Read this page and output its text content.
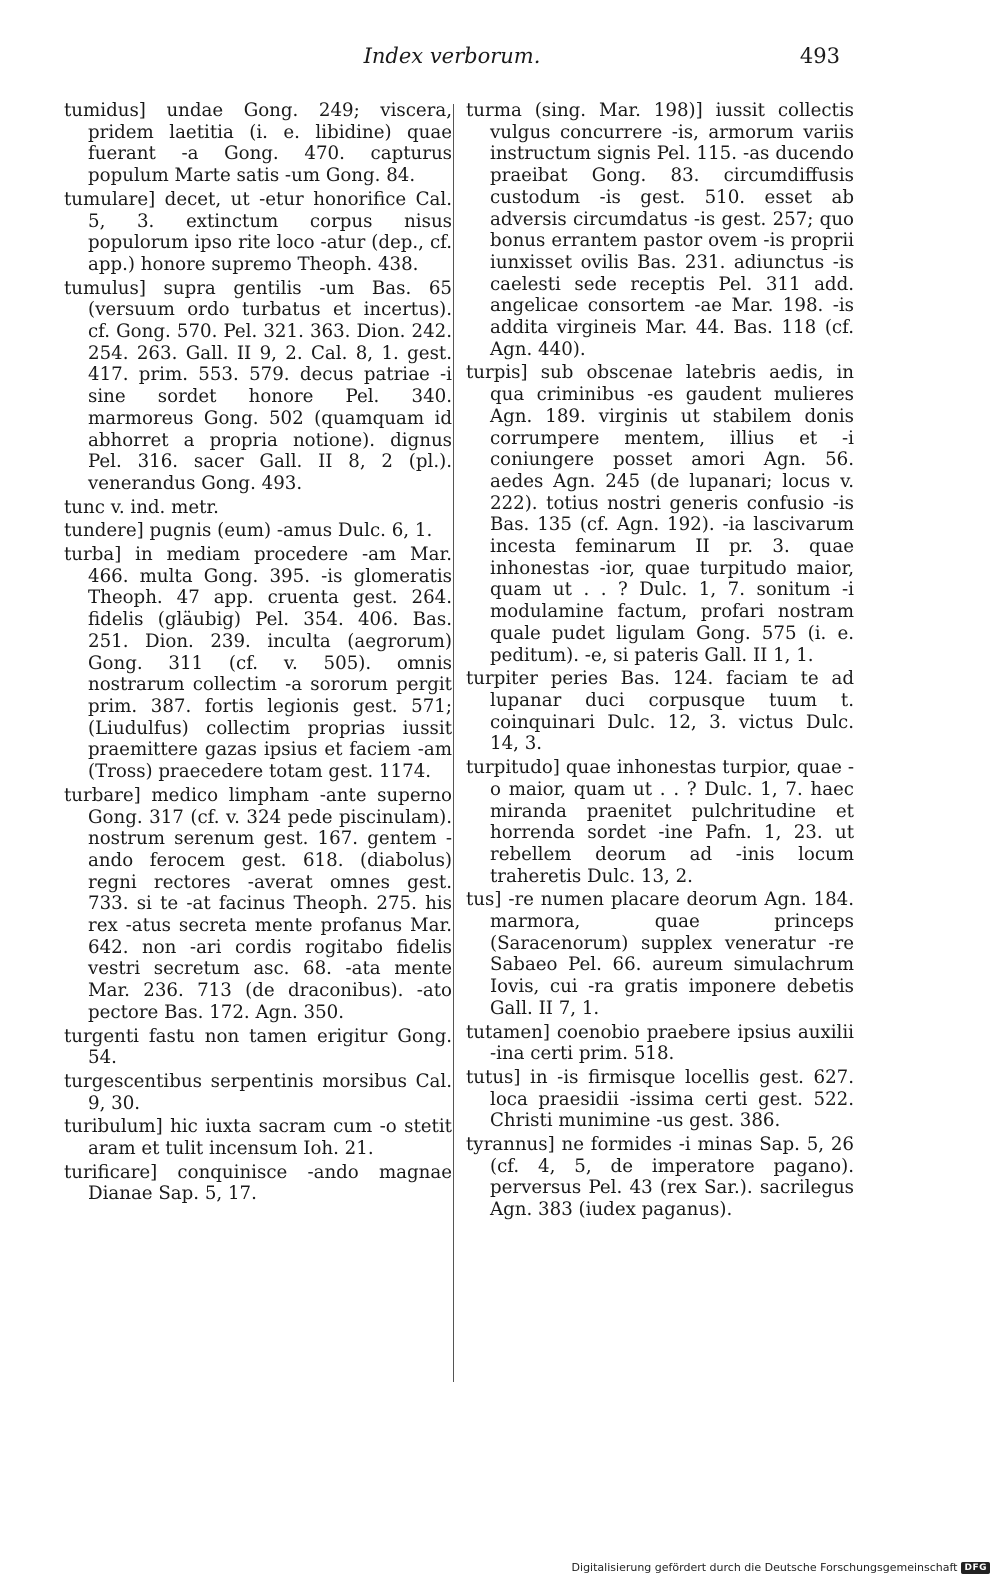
Index verborum.	493

tumidus] undae Gong. 249; viscera, pridem laetitia (i. e. libidine) quae fuerant -a Gong. 470. capturus populum Marte satis -um Gong. 84.

tumulare] decet, ut -etur honorifice Cal. 5, 3. extinctum corpus nisus populorum ipso rite loco -atur (dep., cf. app.) honore supremo Theoph. 438.

tumulus] supra gentilis -um Bas. 65 (versuum ordo turbatus et incertus). cf. Gong. 570. Pel. 321. 363. Dion. 242. 254. 263. Gall. II 9, 2. Cal. 8, 1. gest. 417. prim. 553. 579. decus patriae -i sine sordet honore Pel. 340. marmoreus Gong. 502 (quamquam id abhorret a propria notione). dignus Pel. 316. sacer Gall. II 8, 2 (pl.). venerandus Gong. 493.

tunc v. ind. metr.

tundere] pugnis (eum) -amus Dulc. 6, 1.

turba] in mediam procedere -am Mar. 466. multa Gong. 395. -is glomeratis Theoph. 47 app. cruenta gest. 264. fidelis (gläubig) Pel. 354. 406. Bas. 251. Dion. 239. inculta (aegrorum) Gong. 311 (cf. v. 505). omnis nostrarum collectim -a sororum pergit prim. 387. fortis legionis gest. 571; (Liudulfus) collectim proprias iussit praemittere gazas ipsius et faciem -am (Tross) praecedere totam gest. 1174.

turbare] medico limpham -ante superno Gong. 317 (cf. v. 324 pede piscinulam). nostrum serenum gest. 167. gentem -ando ferocem gest. 618. (diabolus) regni rectores -averat omnes gest. 733. si te -at facinus Theoph. 275. his rex -atus secreta mente profanus Mar. 642. non -ari cordis rogitabo fidelis vestri secretum asc. 68. -ata mente Mar. 236. 713 (de draconibus). -ato pectore Bas. 172. Agn. 350.

turgenti fastu non tamen erigitur Gong. 54.

turgescentibus serpentinis morsibus Cal. 9, 30.

turibulum] hic iuxta sacram cum -o stetit aram et tulit incensum Ioh. 21.

turificare] conquinisce -ando magnae Dianae Sap. 5, 17.

turma (sing. Mar. 198)] iussit collectis vulgus concurrere -is, armorum variis instructum signis Pel. 115. -as ducendo praeibat Gong. 83. circumdiffusis custodum -is gest. 510. esset ab adversis circumdatus -is gest. 257; quo bonus errantem pastor ovem -is proprii iunxisset ovilis Bas. 231. adiunctus -is caelesti sede receptis Pel. 311 add. angelicae consortem -ae Mar. 198. -is addita virgineis Mar. 44. Bas. 118 (cf. Agn. 440).

turpis] sub obscenae latebris aedis, in qua criminibus -es gaudent mulieres Agn. 189. virginis ut stabilem donis corrumpere mentem, illius et -i coniungere posset amori Agn. 56. aedes Agn. 245 (de lupanari; locus v. 222). totius nostri generis confusio -is Bas. 135 (cf. Agn. 192). -ia lascivarum incesta feminarum II pr. 3. quae inhonestas -ior, quae turpitudo maior, quam ut . . ? Dulc. 1, 7. sonitum -i modulamine factum, profari nostram quale pudet ligulam Gong. 575 (i. e. peditum). -e, si pateris Gall. II 1, 1.

turpiter peries Bas. 124. faciam te ad lupanar duci corpusque tuum t. coinquinari Dulc. 12, 3. victus Dulc. 14, 3.

turpitudo] quae inhonestas turpior, quae -o maior, quam ut . . ? Dulc. 1, 7. haec miranda praenitet pulchritudine et horrenda sordet -ine Pafn. 1, 23. ut rebellem deorum ad -inis locum traheretis Dulc. 13, 2.

tus] -re numen placare deorum Agn. 184. marmora, quae princeps (Saracenorum) supplex veneratur -re Sabaeo Pel. 66. aureum simulachrum Iovis, cui -ra gratis imponere debetis Gall. II 7, 1.

tutamen] coenobio praebere ipsius auxilii -ina certi prim. 518.

tutus] in -is firmisque locellis gest. 627. loca praesidii -issima certi gest. 522. Christi munimine -us gest. 386.

tyrannus] ne formides -i minas Sap. 5, 26 (cf. 4, 5, de imperatore pagano). perversus Pel. 43 (rex Sar.). sacrilegus Agn. 383 (iudex paganus).

Digitalisierung gefördert durch die Deutsche Forschungsgemeinschaft DFG
